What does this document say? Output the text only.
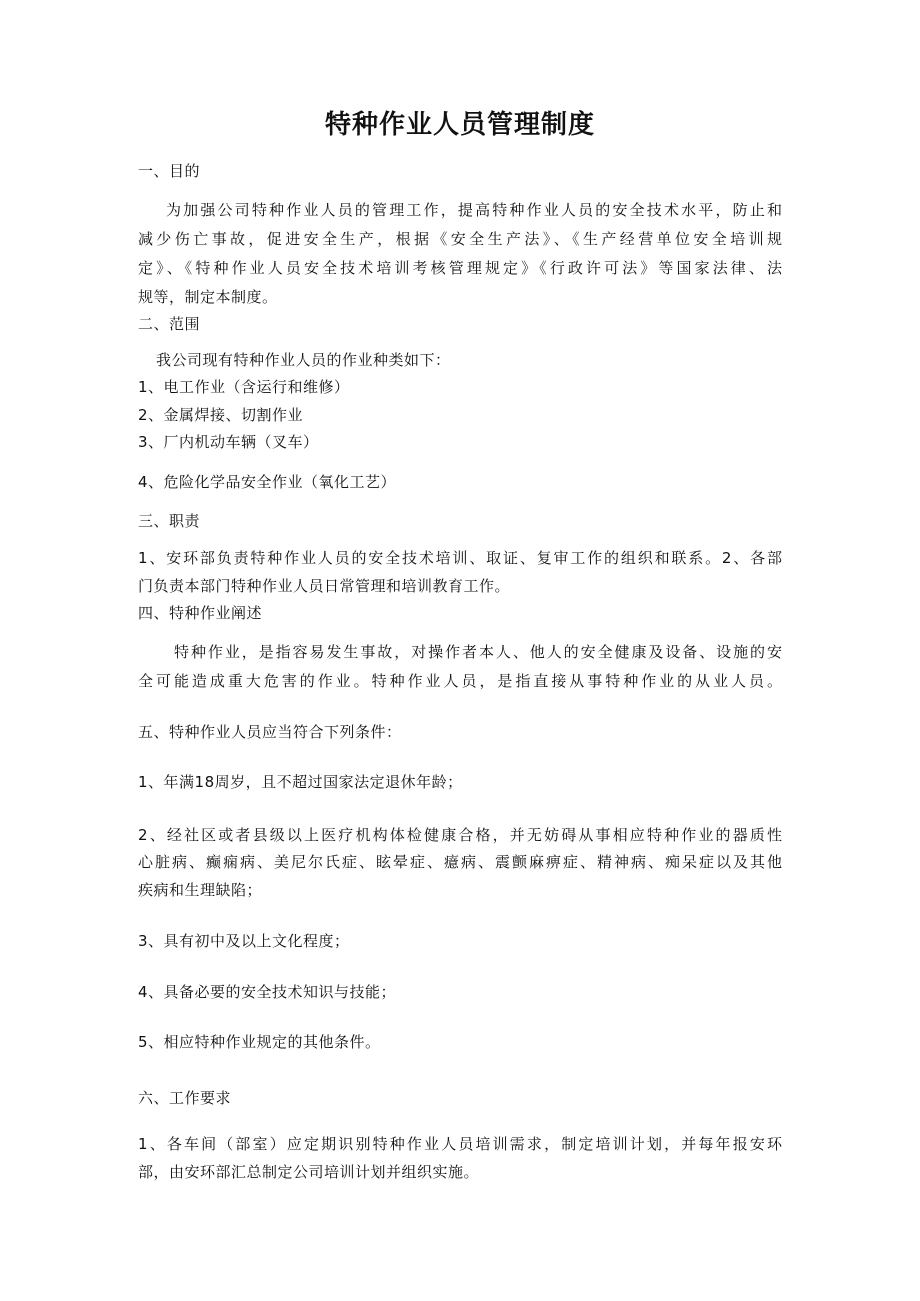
特种作业人员管理制度
一、目的
为加强公司特种作业人员的管理工作，提高特种作业人员的安全技术水平，防止和
减少伤亡事故，促进安全生产，根据《安全生产法》、《生产经营单位安全培训规
定》、《特种作业人员安全技术培训考核管理规定》《行政许可法》等国家法律、法
规等，制定本制度。
二、范围
我公司现有特种作业人员的作业种类如下：
1、电工作业（含运行和维修）
2、金属焊接、切割作业
3、厂内机动车辆（叉车）
4、危险化学品安全作业（氧化工艺）
三、职责
1、安环部负责特种作业人员的安全技术培训、取证、复审工作的组织和联系。2、各部
门负责本部门特种作业人员日常管理和培训教育工作。
四、特种作业阐述
特种作业，是指容易发生事故，对操作者本人、他人的安全健康及设备、设施的安
全可能造成重大危害的作业。特种作业人员，是指直接从事特种作业的从业人员。
五、特种作业人员应当符合下列条件：
1、年满18周岁，且不超过国家法定退休年龄；
2、经社区或者县级以上医疗机构体检健康合格，并无妨碍从事相应特种作业的器质性
心脏病、癫痫病、美尼尔氏症、眩晕症、癔病、震颤麻痹症、精神病、痴呆症以及其他
疾病和生理缺陷；
3、具有初中及以上文化程度；
4、具备必要的安全技术知识与技能；
5、相应特种作业规定的其他条件。
六、工作要求
1、各车间（部室）应定期识别特种作业人员培训需求，制定培训计划，并每年报安环
部，由安环部汇总制定公司培训计划并组织实施。
